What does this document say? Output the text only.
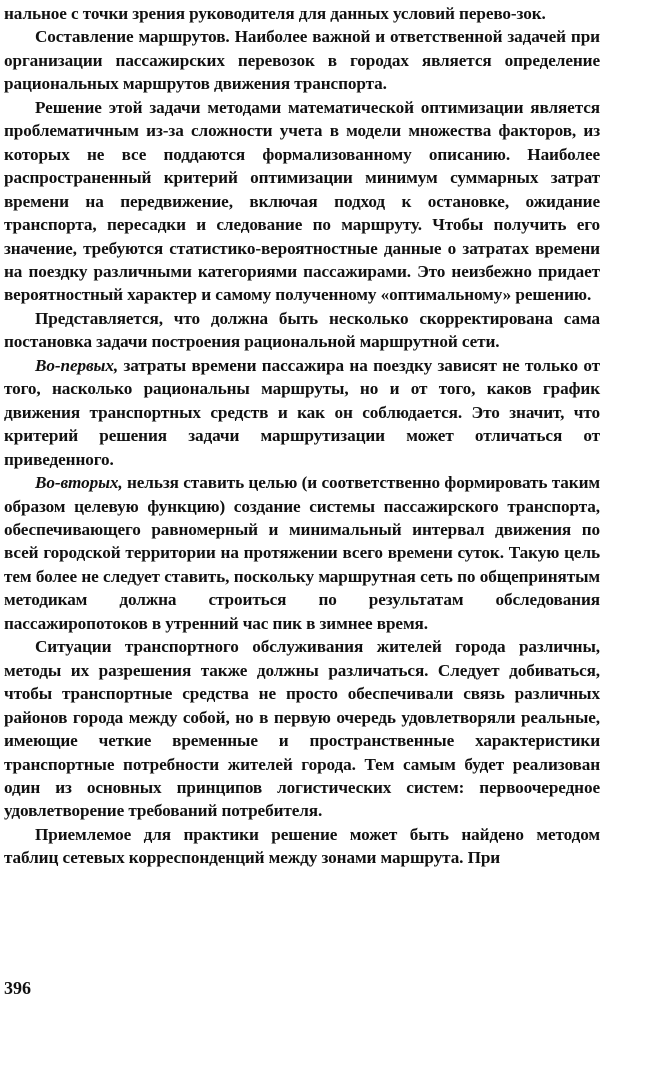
нальное с точки зрения руководителя для данных условий перево-зок.

Составление маршрутов. Наиболее важной и ответственной задачей при организации пассажирских перевозок в городах является определение рациональных маршрутов движения транспорта.

Решение этой задачи методами математической оптимизации является проблематичным из-за сложности учета в модели множества факторов, из которых не все поддаются формализованному описанию. Наиболее распространенный критерий оптимизации минимум суммарных затрат времени на передвижение, включая подход к остановке, ожидание транспорта, пересадки и следование по маршруту. Чтобы получить его значение, требуются статистико-вероятностные данные о затратах времени на поездку различными категориями пассажирами. Это неизбежно придает вероятностный характер и самому полученному «оптимальному» решению.

Представляется, что должна быть несколько скорректирована сама постановка задачи построения рациональной маршрутной сети.

Во-первых, затраты времени пассажира на поездку зависят не только от того, насколько рациональны маршруты, но и от того, каков график движения транспортных средств и как он соблюдается. Это значит, что критерий решения задачи маршрутизации может отличаться от приведенного.

Во-вторых, нельзя ставить целью (и соответственно формировать таким образом целевую функцию) создание системы пассажирского транспорта, обеспечивающего равномерный и минимальный интервал движения по всей городской территории на протяжении всего времени суток. Такую цель тем более не следует ставить, поскольку маршрутная сеть по общепринятым методикам должна строиться по результатам обследования пассажиропотоков в утренний час пик в зимнее время.

Ситуации транспортного обслуживания жителей города различны, методы их разрешения также должны различаться. Следует добиваться, чтобы транспортные средства не просто обеспечивали связь различных районов города между собой, но в первую очередь удовлетворяли реальные, имеющие четкие временные и пространственные характеристики транспортные потребности жителей города. Тем самым будет реализован один из основных принципов логистических систем: первоочередное удовлетворение требований потребителя.

Приемлемое для практики решение может быть найдено методом таблиц сетевых корреспонденций между зонами маршрута. При

396
